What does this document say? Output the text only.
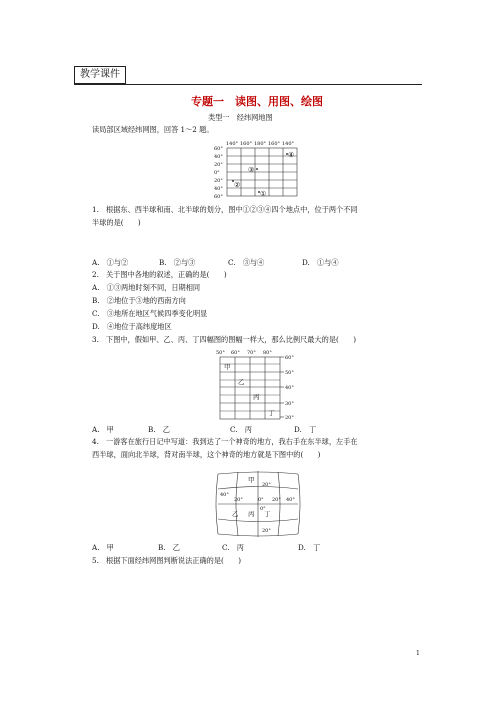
教学课件
专题一　读图、用图、绘图
类型一　经纬网地图
读局部区域经纬网图，回答 1～2 题。
140° 160° 180° 160° 140°
60°
40°
20°
0°
20°
40°
60°
④
③
②
①
1.　根据东、西半球和南、北半球的划分，图中①②③④四个地点中，位于两个不同
半球的是(　　)
A.　①与②	B.　②与③	C.　③与④	D.　①与④
2.　关于图中各地的叙述，正确的是(　　)
A.　①③两地时刻不同，日期相同
B.　②地位于③地的西南方向
C.　③地所在地区气候四季变化明显
D.　④地位于高纬度地区
3.　下图中，假如甲、乙、丙、丁四幅图的图幅一样大，那么比例尺最大的是(　　)
50° 60° 70° 80°
60°
50°
40°
30°
20°
甲
乙
丙
丁
A.　甲	B.　乙	C.　丙	D.　丁
4.　一游客在旅行日记中写道：我到达了一个神奇的地方，我右手在东半球，左手在
西半球，面向北半球，背对南半球，这个神奇的地方就是下图中的(　　)
20°
40°
20°	0° 20° 40°
0°
20°
甲
乙 丙 丁
A.　甲	B.　乙	C.　丙	D.　丁
5.　根据下面经纬网图判断说法正确的是(　　)
1
